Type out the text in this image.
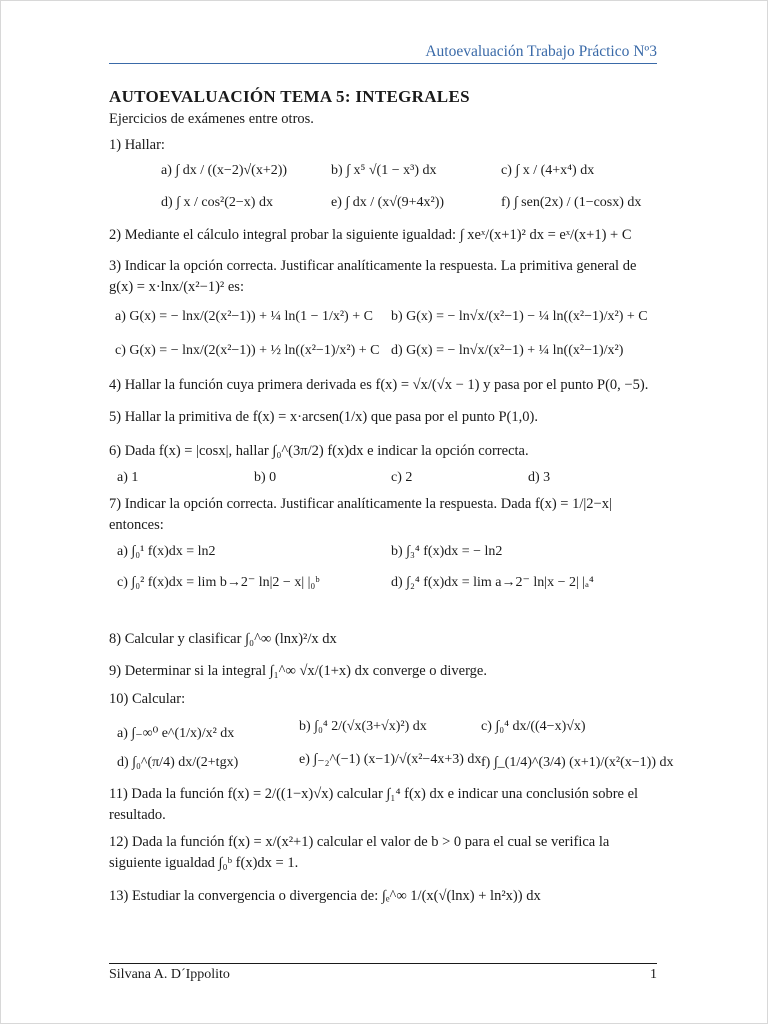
Autoevaluación Trabajo Práctico Nº3
AUTOEVALUACIÓN TEMA 5: INTEGRALES
Ejercicios de exámenes entre otros.
1) Hallar:
a) ∫ dx / ((x−2)√(x+2))	b) ∫ x⁵ √(1 − x³) dx	c) ∫ x / (4+x⁴) dx
d) ∫ x / cos²(2−x) dx	e) ∫ dx / (x√(9+4x²))	f) ∫ sen(2x) / (1−cosx) dx
2) Mediante el cálculo integral probar la siguiente igualdad: ∫ xeˣ/(x+1)² dx = eˣ/(x+1) + C
3) Indicar la opción correcta. Justificar analíticamente la respuesta. La primitiva general de g(x) = x·lnx/(x²−1)² es:
a) G(x) = − lnx/(2(x²−1)) + ¼ ln(1 − 1/x²) + C b) G(x) = − ln√x/(x²−1) − ¼ ln((x²−1)/x²) + C
c) G(x) = − lnx/(2(x²−1)) + ½ ln((x²−1)/x²) + C d) G(x) = − ln√x/(x²−1) + ¼ ln((x²−1)/x²)
4) Hallar la función cuya primera derivada es f(x) = √x/(√x − 1) y pasa por el punto P(0, −5).
5) Hallar la primitiva de f(x) = x·arcsen(1/x) que pasa por el punto P(1,0).
6) Dada f(x) = |cosx|, hallar ∫₀^(3π/2) f(x)dx e indicar la opción correcta.
a) 1	b) 0	c) 2	d) 3
7) Indicar la opción correcta. Justificar analíticamente la respuesta. Dada f(x) = 1/|2−x| entonces:
a) ∫₀¹ f(x)dx = ln2	b) ∫₃⁴ f(x)dx = − ln2
c) ∫₀² f(x)dx = lim b→2⁻ ln|2 − x| |₀ᵇ	d) ∫₂⁴ f(x)dx = lim a→2⁻ ln|x − 2| |ₐ⁴
8) Calcular y clasificar ∫₀^∞ (lnx)²/x dx
9) Determinar si la integral ∫₁^∞ √x/(1+x) dx converge o diverge.
10) Calcular:
a) ∫₋∞⁰ e^(1/x)/x² dx	b) ∫₀⁴ 2/(√x(3+√x)²) dx	c) ∫₀⁴ dx/((4−x)√x)
d) ∫₀^(π/4) dx/(2+tgx)	e) ∫₋₂^(−1) (x−1)/√(x²−4x+3) dx f) ∫_(1/4)^(3/4) (x+1)/(x²(x−1)) dx
11) Dada la función f(x) = 2/((1−x)√x) calcular ∫₁⁴ f(x) dx e indicar una conclusión sobre el resultado.
12) Dada la función f(x) = x/(x²+1) calcular el valor de b > 0 para el cual se verifica la siguiente igualdad ∫₀ᵇ f(x)dx = 1.
13) Estudiar la convergencia o divergencia de: ∫ₑ^∞ 1/(x(√(lnx) + ln²x)) dx
Silvana A. D´Ippolito	1
